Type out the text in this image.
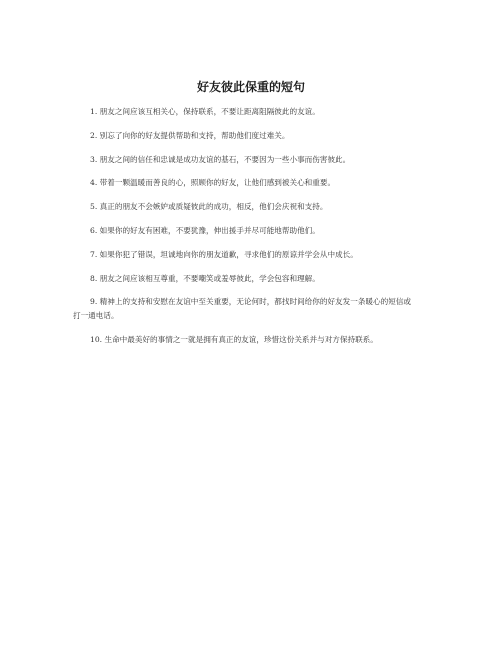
好友彼此保重的短句
1. 朋友之间应该互相关心，保持联系，不要让距离阻隔彼此的友谊。
2. 别忘了向你的好友提供帮助和支持，帮助他们度过难关。
3. 朋友之间的信任和忠诚是成功友谊的基石，不要因为一些小事而伤害彼此。
4. 带着一颗温暖而善良的心，照顾你的好友，让他们感到被关心和重要。
5. 真正的朋友不会嫉妒或质疑彼此的成功，相反，他们会庆祝和支持。
6. 如果你的好友有困难，不要犹豫，伸出援手并尽可能地帮助他们。
7. 如果你犯了错误，坦诚地向你的朋友道歉，寻求他们的原谅并学会从中成长。
8. 朋友之间应该相互尊重，不要嘲笑或羞辱彼此，学会包容和理解。
9. 精神上的支持和安慰在友谊中至关重要，无论何时，都找时间给你的好友发一条暖心的短信或打一通电话。
10. 生命中最美好的事情之一就是拥有真正的友谊，珍惜这份关系并与对方保持联系。
